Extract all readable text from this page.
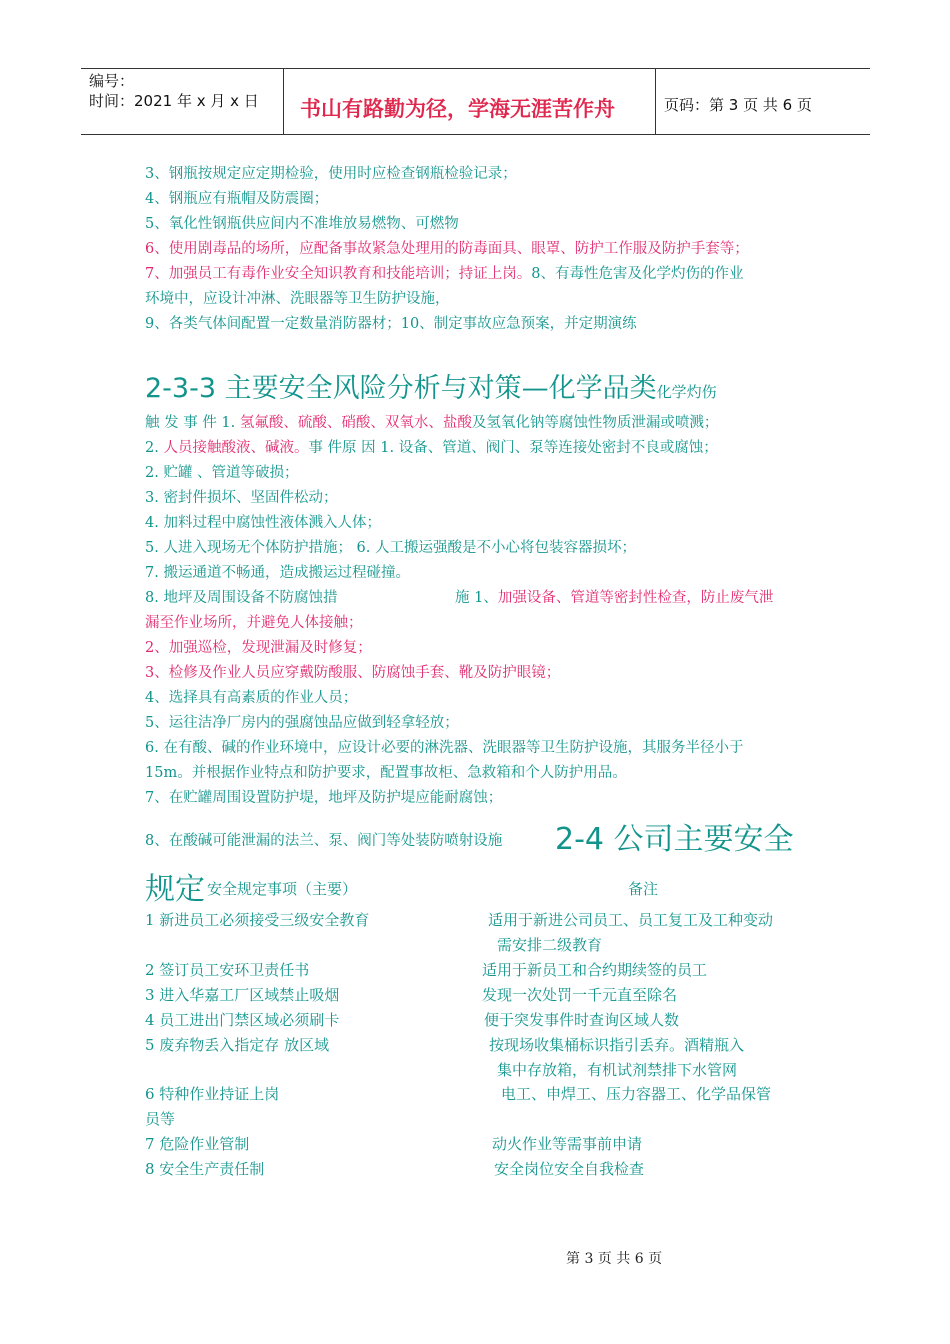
编号：
时间：2021 年 x 月 x 日 书山有路勤为径，学海无涯苦作舟	页码：第 3 页 共 6 页
3、钢瓶按规定应定期检验，使用时应检查钢瓶检验记录；
4、钢瓶应有瓶帽及防震圈；
5、氧化性钢瓶供应间内不准堆放易燃物、可燃物
6、使用剧毒品的场所，应配备事故紧急处理用的防毒面具、眼罩、防护工作服及防护手套等；
7、加强员工有毒作业安全知识教育和技能培训；持证上岗。8、有毒性危害及化学灼伤的作业
环境中，应设计冲淋、洗眼器等卫生防护设施，
9、各类气体间配置一定数量消防器材；10、制定事故应急预案，并定期演练
2-3-3 主要安全风险分析与对策—化学品类化学灼伤
触 发 事 件 1. 氢氟酸、硫酸、硝酸、双氧水、盐酸及氢氧化钠等腐蚀性物质泄漏或喷溅；
2. 人员接触酸液、碱液。事 件原 因 1. 设备、管道、阀门、泵等连接处密封不良或腐蚀；
2. 贮罐 、管道等破损；
3. 密封件损坏、坚固件松动；
4. 加料过程中腐蚀性液体溅入人体；
5. 人进入现场无个体防护措施； 6. 人工搬运强酸是不小心将包装容器损坏；
7. 搬运通道不畅通，造成搬运过程碰撞。
8. 地坪及周围设备不防腐蚀措	施 1、加强设备、管道等密封性检查，防止废气泄
漏至作业场所，并避免人体接触；
2、加强巡检，发现泄漏及时修复；
3、检修及作业人员应穿戴防酸服、防腐蚀手套、靴及防护眼镜；
4、选择具有高素质的作业人员；
5、运往洁净厂房内的强腐蚀品应做到轻拿轻放；
6. 在有酸、碱的作业环境中，应设计必要的淋洗器、洗眼器等卫生防护设施，其服务半径小于
15m。并根据作业特点和防护要求，配置事故柜、急救箱和个人防护用品。
7、在贮罐周围设置防护堤，地坪及防护堤应能耐腐蚀；
8、在酸碱可能泄漏的法兰、泵、阀门等处装防喷射设施 2-4 公司主要安全
规定 安全规定事项（主要）	备注
1 新进员工必须接受三级安全教育	适用于新进公司员工、员工复工及工种变动
需安排二级教育
2 签订员工安环卫责任书	适用于新员工和合约期续签的员工
3 进入华嘉工厂区域禁止吸烟	发现一次处罚一千元直至除名
4 员工进出门禁区域必须刷卡	便于突发事件时查询区域人数
5 废弃物丢入指定存 放区域	按现场收集桶标识指引丢弃。酒精瓶入
集中存放箱，有机试剂禁排下水管网
6 特种作业持证上岗	电工、申焊工、压力容器工、化学品保管
员等
7 危险作业管制	动火作业等需事前申请
8 安全生产责任制	安全岗位安全自我检查
第 3 页 共 6 页
